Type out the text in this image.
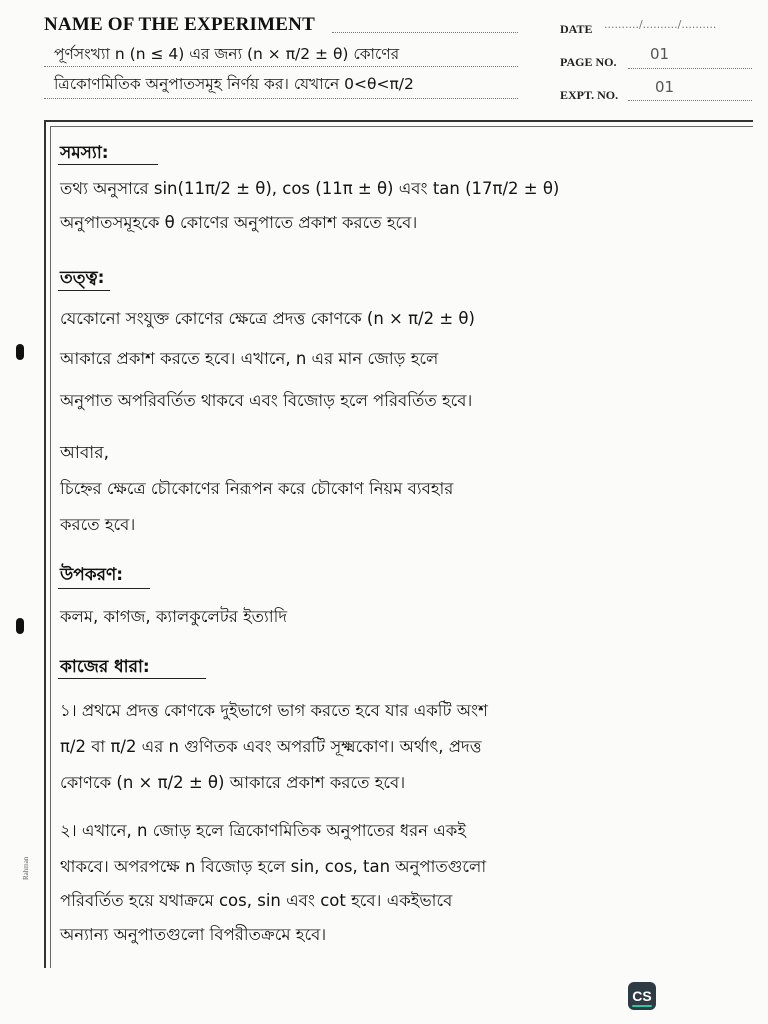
NAME OF THE EXPERIMENT
পূর্ণসংখ্যা n (n ≤ 4) এর জন্য (n × π/2 ± θ) কোণের
ত্রিকোণমিতিক অনুপাতসমূহ নির্ণয় কর। যেখানে 0<θ<π/2
DATE ........../........../..........
PAGE NO. 01
EXPT. NO. 01
সমস্যা:
তথ্য অনুসারে sin(11π/2 ± θ), cos (11π ± θ) এবং tan (17π/2 ± θ)
অনুপাতসমূহকে θ কোণের অনুপাতে প্রকাশ করতে হবে।
তত্ত্ব:
যেকোনো সংযুক্ত কোণের ক্ষেত্রে প্রদত্ত কোণকে (n × π/2 ± θ)
আকারে প্রকাশ করতে হবে। এখানে, n এর মান জোড় হলে
অনুপাত অপরিবর্তিত থাকবে এবং বিজোড় হলে পরিবর্তিত হবে।
আবার,
চিহ্নের ক্ষেত্রে চৌকোণের নিরূপন করে চৌকোণ নিয়ম ব্যবহার
করতে হবে।
উপকরণ:
কলম, কাগজ, ক্যালকুলেটর ইত্যাদি
কাজের ধারা:
১। প্রথমে প্রদত্ত কোণকে দুইভাগে ভাগ করতে হবে যার একটি অংশ
π/2 বা π/2 এর n গুণিতক এবং অপরটি সূক্ষ্মকোণ। অর্থাৎ, প্রদত্ত
কোণকে (n × π/2 ± θ) আকারে প্রকাশ করতে হবে।
২। এখানে, n জোড় হলে ত্রিকোণমিতিক অনুপাতের ধরন একই
থাকবে। অপরপক্ষে n বিজোড় হলে sin, cos, tan অনুপাতগুলো
পরিবর্তিত হয়ে যথাক্রমে cos, sin এবং cot হবে। একইভাবে
অন্যান্য অনুপাতগুলো বিপরীতক্রমে হবে।
Rahman
CS
